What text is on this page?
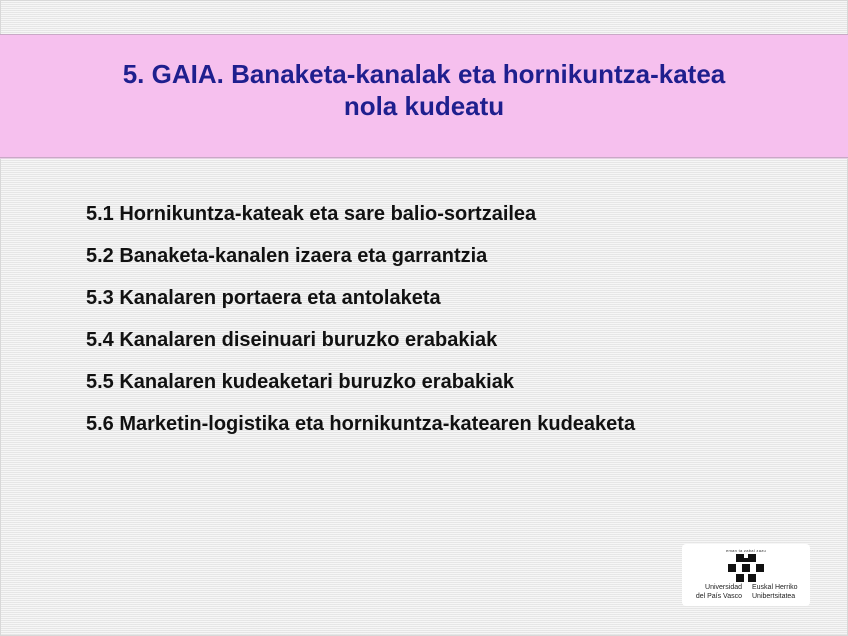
5. GAIA. Banaketa-kanalak eta hornikuntza-katea
nola kudeatu
5.1 Hornikuntza-kateak eta sare balio-sortzailea
5.2 Banaketa-kanalen izaera eta garrantzia
5.3 Kanalaren portaera eta antolaketa
5.4 Kanalaren diseinuari buruzko erabakiak
5.5 Kanalaren kudeaketari buruzko erabakiak
5.6 Marketin-logistika eta hornikuntza-katearen kudeaketa
eman ta zabal zazu
Universidad
del País Vasco
Euskal Herriko
Unibertsitatea
